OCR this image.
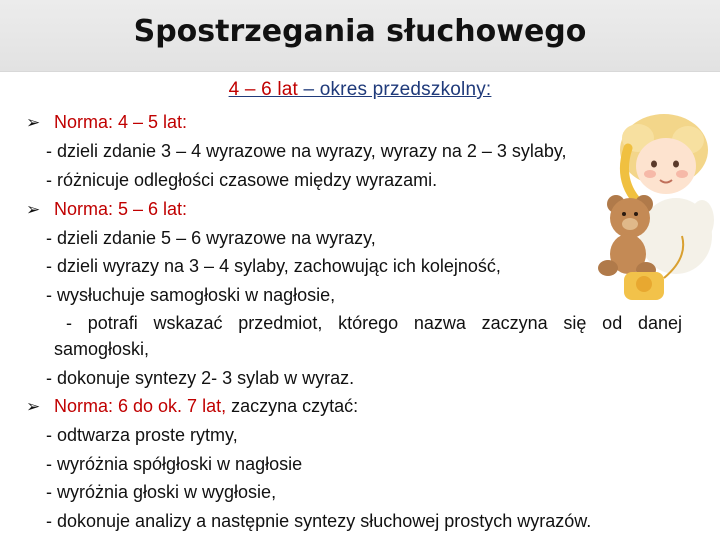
Spostrzegania słuchowego
4 – 6 lat – okres przedszkolny:
➢ Norma: 4 – 5 lat:
- dzieli zdanie 3 – 4 wyrazowe na wyrazy, wyrazy na 2 – 3 sylaby,
- różnicuje odległości czasowe między wyrazami.
➢ Norma: 5 – 6 lat:
- dzieli zdanie 5 – 6 wyrazowe na wyrazy,
- dzieli wyrazy na 3 – 4 sylaby, zachowując ich kolejność,
- wysłuchuje samogłoski w nagłosie,
- potrafi wskazać przedmiot, którego nazwa zaczyna się od danej
samogłoski,
- dokonuje syntezy 2- 3 sylab w wyraz.
➢ Norma: 6 do ok. 7 lat, zaczyna czytać:
- odtwarza proste rytmy,
- wyróżnia spółgłoski w nagłosie
- wyróżnia głoski w wygłosie,
- dokonuje analizy a następnie syntezy słuchowej prostych wyrazów.
